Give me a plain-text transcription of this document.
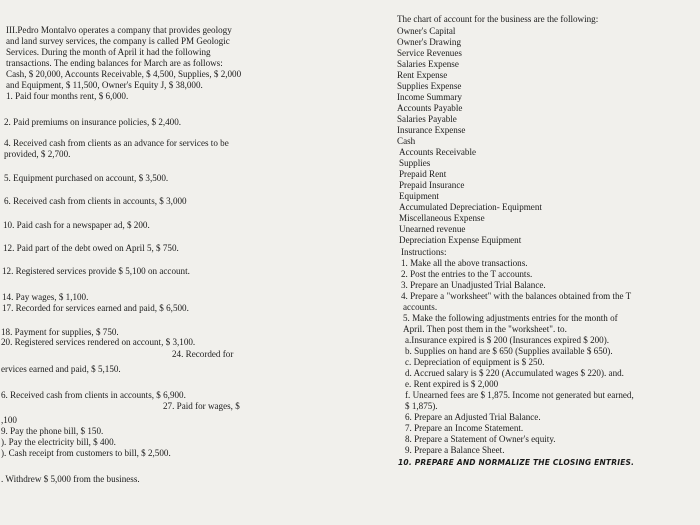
III.Pedro Montalvo operates a company that provides geology
and land survey services, the company is called PM Geologic
Services. During the month of April it had the following
transactions. The ending balances for March are as follows:
Cash, $ 20,000, Accounts Receivable, $ 4,500, Supplies, $ 2,000
and Equipment, $ 11,500, Owner's Equity J, $ 38,000.
1. Paid four months rent, $ 6,000.
2. Paid premiums on insurance policies, $ 2,400.
4. Received cash from clients as an advance for services to be
provided, $ 2,700.
5. Equipment purchased on account, $ 3,500.
6. Received cash from clients in accounts, $ 3,000
10. Paid cash for a newspaper ad, $ 200.
12. Paid part of the debt owed on April 5, $ 750.
12. Registered services provide $ 5,100 on account.
14. Pay wages, $ 1,100.
17. Recorded for services earned and paid, $ 6,500.
18. Payment for supplies, $ 750.
20. Registered services rendered on account, $ 3,100.
24. Recorded for
ervices earned and paid, $ 5,150.
6. Received cash from clients in accounts, $ 6,900.
27. Paid for wages, $
,100
9. Pay the phone bill, $ 150.
). Pay the electricity bill, $ 400.
). Cash receipt from customers to bill, $ 2,500.
. Withdrew $ 5,000 from the business.
The chart of account for the business are the following:
Owner's Capital
Owner's Drawing
Service Revenues
Salaries Expense
Rent Expense
Supplies Expense
Income Summary
Accounts Payable
Salaries Payable
Insurance Expense
Cash
Accounts Receivable
Supplies
Prepaid Rent
Prepaid Insurance
Equipment
Accumulated Depreciation- Equipment
Miscellaneous Expense
Unearned revenue
Depreciation Expense Equipment
Instructions:
1. Make all the above transactions.
2. Post the entries to the T accounts.
3. Prepare an Unadjusted Trial Balance.
4. Prepare a "worksheet" with the balances obtained from the T
accounts.
5. Make the following adjustments entries for the month of
April. Then post them in the "worksheet". to.
a.Insurance expired is $ 200 (Insurances expired $ 200).
b. Supplies on hand are $ 650 (Supplies available $ 650).
c. Depreciation of equipment is $ 250.
d. Accrued salary is $ 220 (Accumulated wages $ 220). and.
e. Rent expired is $ 2,000
f. Unearned fees are $ 1,875. Income not generated but earned,
$ 1,875).
6. Prepare an Adjusted Trial Balance.
7. Prepare an Income Statement.
8. Prepare a Statement of Owner's equity.
9. Prepare a Balance Sheet.
10. PREPARE AND NORMALIZE THE CLOSING ENTRIES.
